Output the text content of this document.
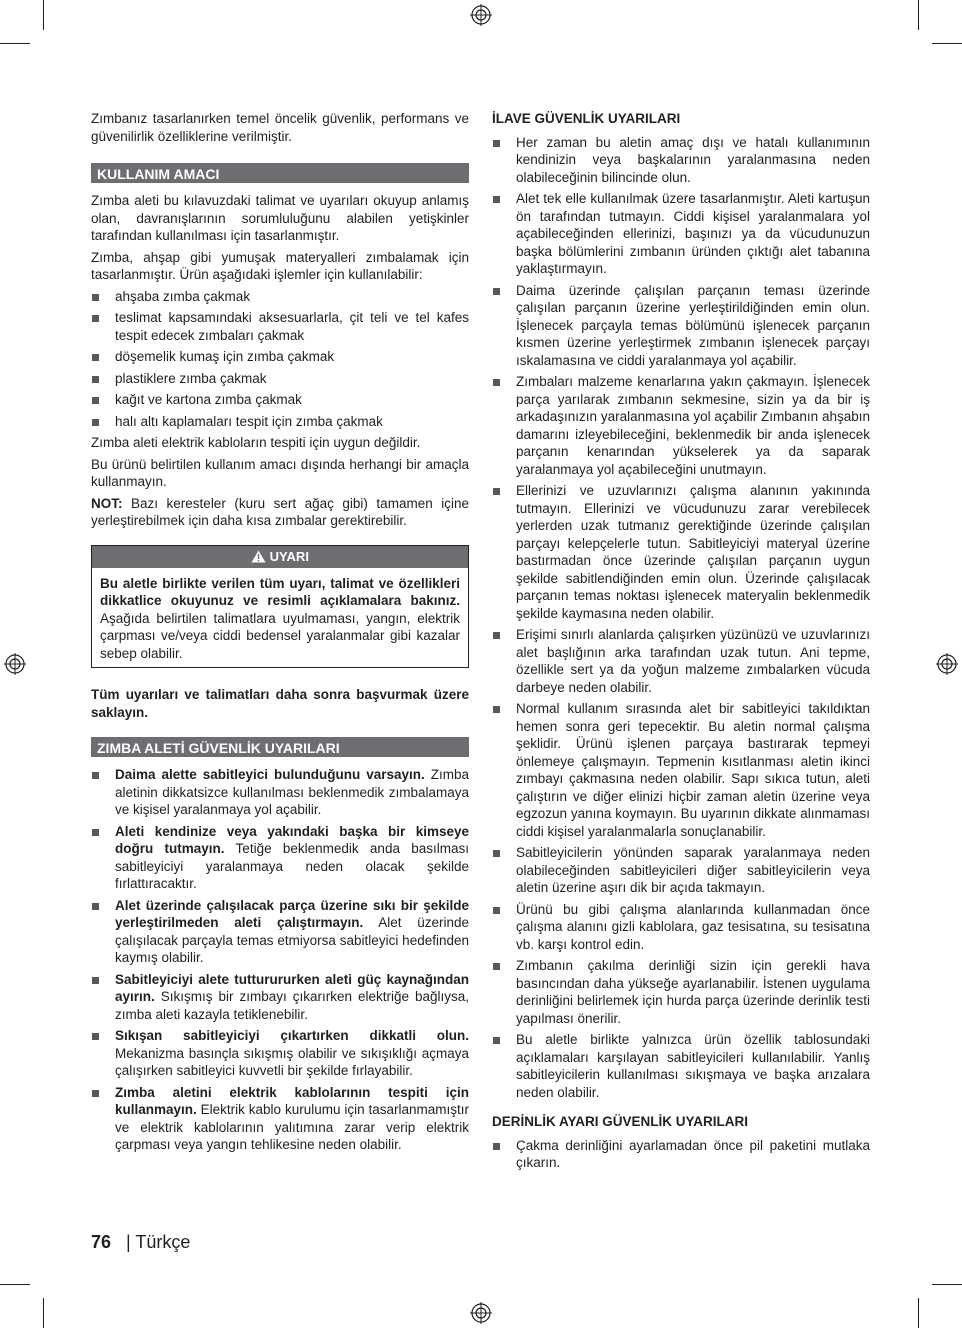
Zımbanız tasarlanırken temel öncelik güvenlik, performans ve güvenilirlik özelliklerine verilmiştir.

KULLANIM AMACI

Zımba aleti bu kılavuzdaki talimat ve uyarıları okuyup anlamış olan, davranışlarının sorumluluğunu alabilen yetişkinler tarafından kullanılması için tasarlanmıştır.

Zımba, ahşap gibi yumuşak materyalleri zımbalamak için tasarlanmıştır. Ürün aşağıdaki işlemler için kullanılabilir:

ahşaba zımba çakmak
teslimat kapsamındaki aksesuarlarla, çit teli ve tel kafes tespit edecek zımbaları çakmak
döşemelik kumaş için zımba çakmak
plastiklere zımba çakmak
kağıt ve kartona zımba çakmak
halı altı kaplamaları tespit için zımba çakmak

Zımba aleti elektrik kabloların tespiti için uygun değildir.

Bu ürünü belirtilen kullanım amacı dışında herhangi bir amaçla kullanmayın.

NOT: Bazı keresteler (kuru sert ağaç gibi) tamamen içine yerleştirebilmek için daha kısa zımbalar gerektirebilir.

UYARI
Bu aletle birlikte verilen tüm uyarı, talimat ve özellikleri dikkatlice okuyunuz ve resimli açıklamalara bakınız. Aşağıda belirtilen talimatlara uyulmaması, yangın, elektrik çarpması ve/veya ciddi bedensel yaralanmalar gibi kazalar sebep olabilir.

Tüm uyarıları ve talimatları daha sonra başvurmak üzere saklayın.

ZIMBA ALETİ GÜVENLİK UYARILARI
Daima alette sabitleyici bulunduğunu varsayın. Zımba aletinin dikkatsizce kullanılması beklenmedik zımbalamaya ve kişisel yaralanmaya yol açabilir.
Aleti kendinize veya yakındaki başka bir kimseye doğru tutmayın. Tetiğe beklenmedik anda basılması sabitleyiciyi yaralanmaya neden olacak şekilde fırlattıracaktır.
Alet üzerinde çalışılacak parça üzerine sıkı bir şekilde yerleştirilmeden aleti çalıştırmayın. Alet üzerinde çalışılacak parçayla temas etmiyorsa sabitleyici hedefinden kaymış olabilir.
Sabitleyiciyi alete tutturururken aleti güç kaynağından ayırın. Sıkışmış bir zımbayı çıkarırken elektriğe bağlıysa, zımba aleti kazayla tetiklenebilir.
Sıkışan sabitleyiciyi çıkartırken dikkatli olun. Mekanizma basınçla sıkışmış olabilir ve sıkışıklığı açmaya çalışırken sabitleyici kuvvetli bir şekilde fırlayabilir.
Zımba aletini elektrik kablolarının tespiti için kullanmayın. Elektrik kablo kurulumu için tasarlanmamıştır ve elektrik kablolarının yalıtımına zarar verip elektrik çarpması veya yangın tehlikesine neden olabilir.
İLAVE GÜVENLİK UYARILARI
Her zaman bu aletin amaç dışı ve hatalı kullanımının kendinizin veya başkalarının yaralanmasına neden olabileceğinin bilincinde olun.
Alet tek elle kullanılmak üzere tasarlanmıştır. Aleti kartuşun ön tarafından tutmayın. Ciddi kişisel yaralanmalara yol açabileceğinden ellerinizi, başınızı ya da vücudunuzun başka bölümlerini zımbanın üründen çıktığı alet tabanına yaklaştırmayın.
Daima üzerinde çalışılan parçanın teması üzerinde çalışılan parçanın üzerine yerleştirildiğinden emin olun. İşlenecek parçayla temas bölümünü işlenecek parçanın kısmen üzerine yerleştirmek zımbanın işlenecek parçayı ıskalamasına ve ciddi yaralanmaya yol açabilir.
Zımbaları malzeme kenarlarına yakın çakmayın. İşlenecek parça yarılarak zımbanın sekmesine, sizin ya da bir iş arkadaşınızın yaralanmasına yol açabilir Zımbanın ahşabın damarını izleyebileceğini, beklenmedik bir anda işlenecek parçanın kenarından yükselerek ya da saparak yaralanmaya yol açabileceğini unutmayın.
Ellerinizi ve uzuvlarınızı çalışma alanının yakınında tutmayın. Ellerinizi ve vücudunuzu zarar verebilecek yerlerden uzak tutmanız gerektiğinde üzerinde çalışılan parçayı kelepçelerle tutun. Sabitleyiciyi materyal üzerine bastırmadan önce üzerinde çalışılan parçanın uygun şekilde sabitlendiğinden emin olun. Üzerinde çalışılacak parçanın temas noktası işlenecek materyalin beklenmedik şekilde kaymasına neden olabilir.
Erişimi sınırlı alanlarda çalışırken yüzünüzü ve uzuvlarınızı alet başlığının arka tarafından uzak tutun. Ani tepme, özellikle sert ya da yoğun malzeme zımbalarken vücuda darbeye neden olabilir.
Normal kullanım sırasında alet bir sabitleyici takıldıktan hemen sonra geri tepecektir. Bu aletin normal çalışma şeklidir. Ürünü işlenen parçaya bastırarak tepmeyi önlemeye çalışmayın. Tepmenin kısıtlanması aletin ikinci zımbayı çakmasına neden olabilir. Sapı sıkıca tutun, aleti çalıştırın ve diğer elinizi hiçbir zaman aletin üzerine veya egzozun yanına koymayın. Bu uyarının dikkate alınmaması ciddi kişisel yaralanmalarla sonuçlanabilir.
Sabitleyicilerin yönünden saparak yaralanmaya neden olabileceğinden sabitleyicileri diğer sabitleyicilerin veya aletin üzerine aşırı dik bir açıda takmayın.
Ürünü bu gibi çalışma alanlarında kullanmadan önce çalışma alanını gizli kablolara, gaz tesisatına, su tesisatına vb. karşı kontrol edin.
Zımbanın çakılma derinliği sizin için gerekli hava basıncından daha yükseğe ayarlanabilir. İstenen uygulama derinliğini belirlemek için hurda parça üzerinde derinlik testi yapılması önerilir.
Bu aletle birlikte yalnızca ürün özellik tablosundaki açıklamaları karşılayan sabitleyicileri kullanılabilir. Yanlış sabitleyicilerin kullanılması sıkışmaya ve başka arızalara neden olabilir.
DERİNLİK AYARI GÜVENLİK UYARILARI
Çakma derinliğini ayarlamadan önce pil paketini mutlaka çıkarın.
76 | Türkçe
